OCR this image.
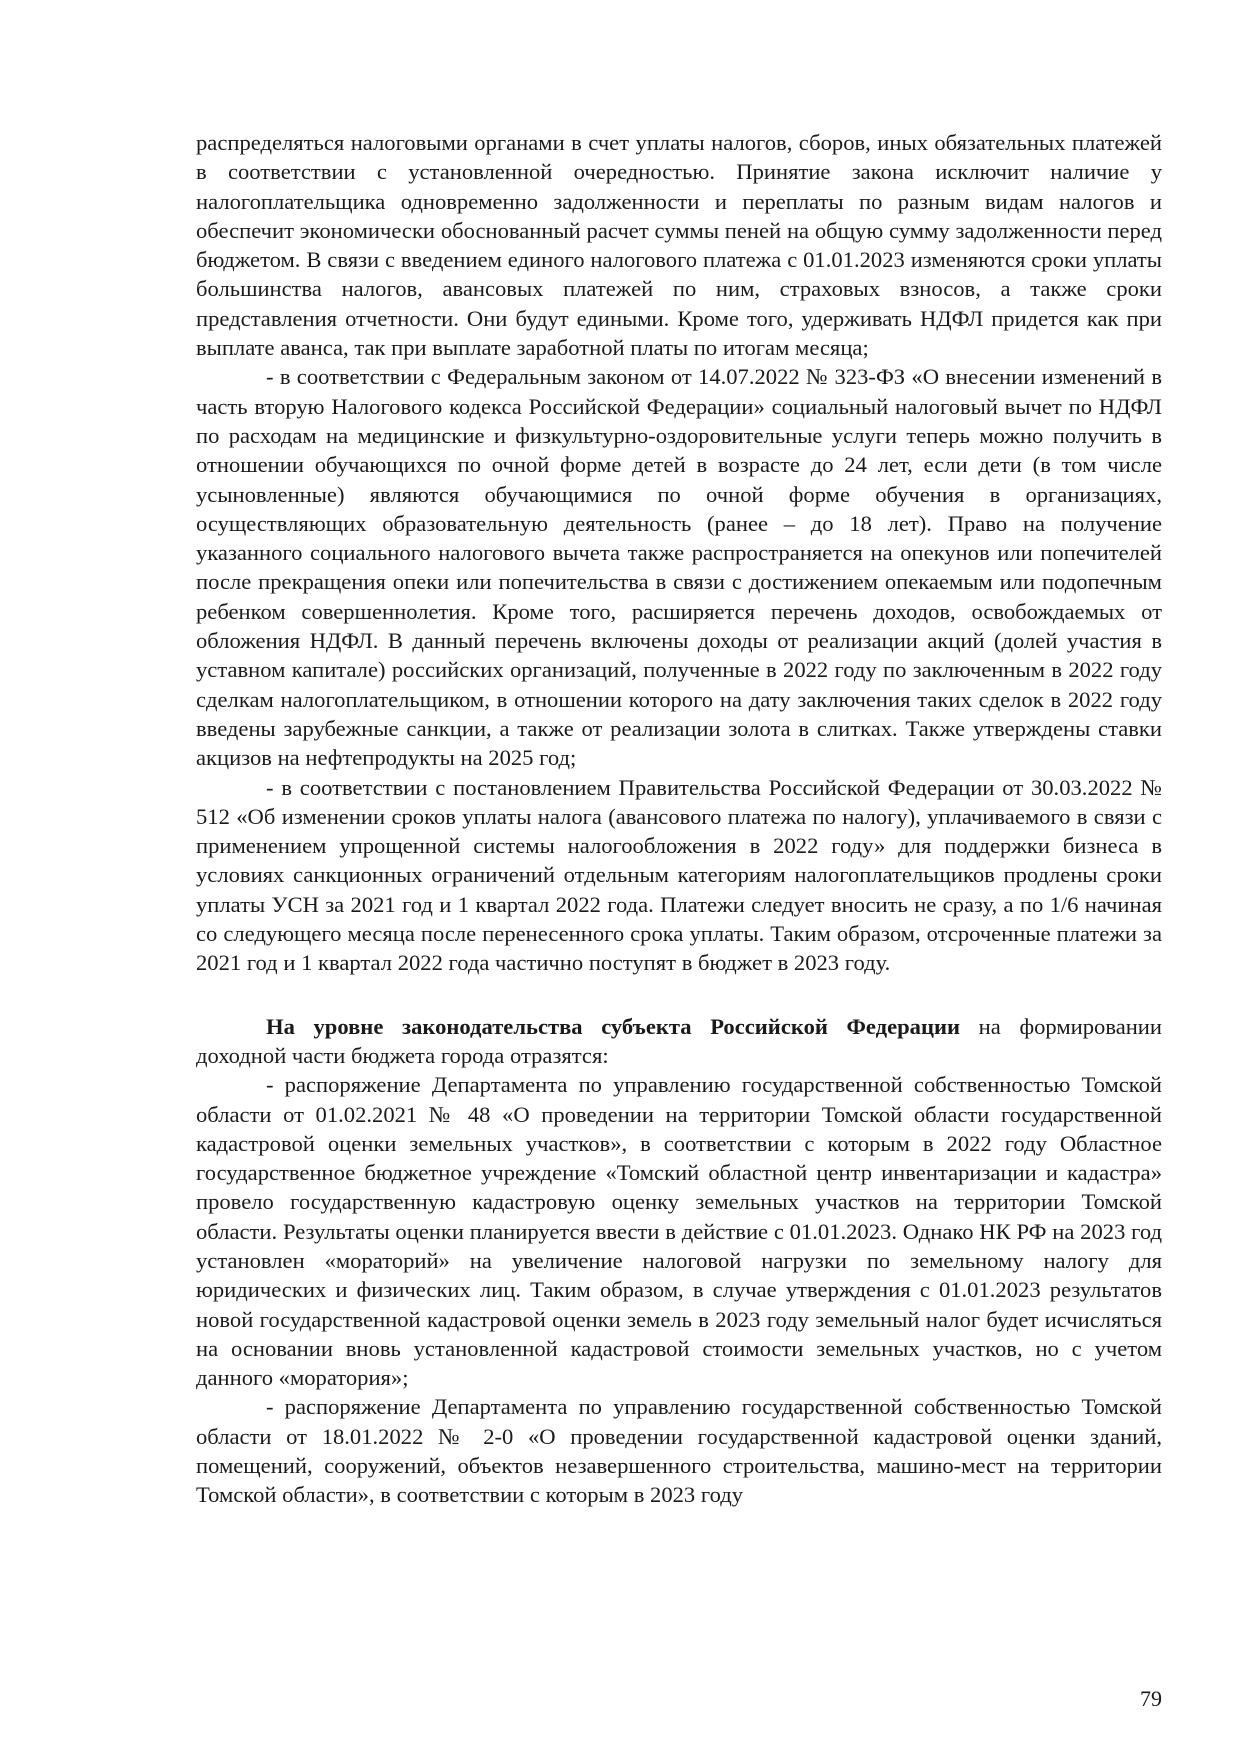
распределяться налоговыми органами в счет уплаты налогов, сборов, иных обязательных платежей в соответствии с установленной очередностью. Принятие закона исключит наличие у налогоплательщика одновременно задолженности и переплаты по разным видам налогов и обеспечит экономически обоснованный расчет суммы пеней на общую сумму задолженности перед бюджетом. В связи с введением единого налогового платежа с 01.01.2023 изменяются сроки уплаты большинства налогов, авансовых платежей по ним, страховых взносов, а также сроки представления отчетности. Они будут едиными. Кроме того, удерживать НДФЛ придется как при выплате аванса, так при выплате заработной платы по итогам месяца;

- в соответствии с Федеральным законом от 14.07.2022 № 323-ФЗ «О внесении изменений в часть вторую Налогового кодекса Российской Федерации» социальный налоговый вычет по НДФЛ по расходам на медицинские и физкультурно-оздоровительные услуги теперь можно получить в отношении обучающихся по очной форме детей в возрасте до 24 лет, если дети (в том числе усыновленные) являются обучающимися по очной форме обучения в организациях, осуществляющих образовательную деятельность (ранее – до 18 лет). Право на получение указанного социального налогового вычета также распространяется на опекунов или попечителей после прекращения опеки или попечительства в связи с достижением опекаемым или подопечным ребенком совершеннолетия. Кроме того, расширяется перечень доходов, освобождаемых от обложения НДФЛ. В данный перечень включены доходы от реализации акций (долей участия в уставном капитале) российских организаций, полученные в 2022 году по заключенным в 2022 году сделкам налогоплательщиком, в отношении которого на дату заключения таких сделок в 2022 году введены зарубежные санкции, а также от реализации золота в слитках. Также утверждены ставки акцизов на нефтепродукты на 2025 год;

- в соответствии с постановлением Правительства Российской Федерации от 30.03.2022 № 512 «Об изменении сроков уплаты налога (авансового платежа по налогу), уплачиваемого в связи с применением упрощенной системы налогообложения в 2022 году» для поддержки бизнеса в условиях санкционных ограничений отдельным категориям налогоплательщиков продлены сроки уплаты УСН за 2021 год и 1 квартал 2022 года. Платежи следует вносить не сразу, а по 1/6 начиная со следующего месяца после перенесенного срока уплаты. Таким образом, отсроченные платежи за 2021 год и 1 квартал 2022 года частично поступят в бюджет в 2023 году.

На уровне законодательства субъекта Российской Федерации на формировании доходной части бюджета города отразятся:

- распоряжение Департамента по управлению государственной собственностью Томской области от 01.02.2021 № 48 «О проведении на территории Томской области государственной кадастровой оценки земельных участков», в соответствии с которым в 2022 году Областное государственное бюджетное учреждение «Томский областной центр инвентаризации и кадастра» провело государственную кадастровую оценку земельных участков на территории Томской области. Результаты оценки планируется ввести в действие с 01.01.2023. Однако НК РФ на 2023 год установлен «мораторий» на увеличение налоговой нагрузки по земельному налогу для юридических и физических лиц. Таким образом, в случае утверждения с 01.01.2023 результатов новой государственной кадастровой оценки земель в 2023 году земельный налог будет исчисляться на основании вновь установленной кадастровой стоимости земельных участков, но с учетом данного «моратория»;

- распоряжение Департамента по управлению государственной собственностью Томской области от 18.01.2022 № 2-0 «О проведении государственной кадастровой оценки зданий, помещений, сооружений, объектов незавершенного строительства, машино-мест на территории Томской области», в соответствии с которым в 2023 году

79
